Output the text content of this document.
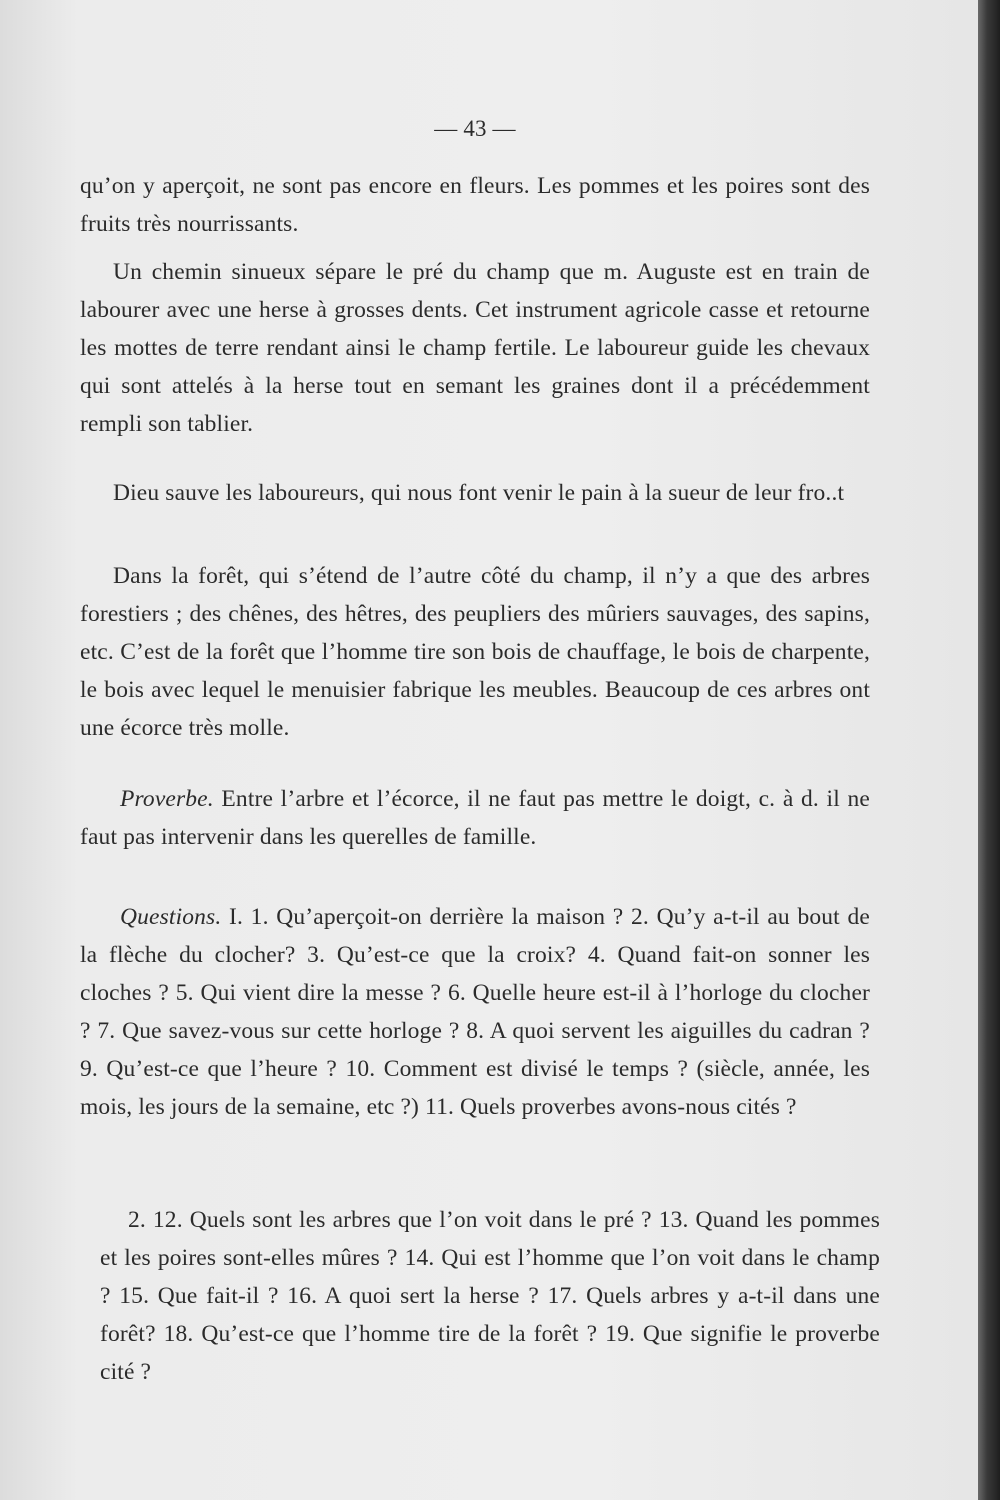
— 43 —

qu’on y aperçoit, ne sont pas encore en fleurs. Les pommes et les poires sont des fruits très nourrissants.

Un chemin sinueux sépare le pré du champ que m. Auguste est en train de labourer avec une herse à grosses dents. Cet instrument agricole casse et retourne les mottes de terre rendant ainsi le champ fertile. Le laboureur guide les chevaux qui sont attelés à la herse tout en semant les graines dont il a précédemment rempli son tablier.

Dieu sauve les laboureurs, qui nous font venir le pain à la sueur de leur fro..t

Dans la forêt, qui s’étend de l’autre côté du champ, il n’y a que des arbres forestiers ; des chênes, des hêtres, des peupliers des mûriers sauvages, des sapins, etc. C’est de la forêt que l’homme tire son bois de chauffage, le bois de charpente, le bois avec lequel le menuisier fabrique les meubles. Beaucoup de ces arbres ont une écorce très molle.

Proverbe. Entre l’arbre et l’écorce, il ne faut pas mettre le doigt, c. à d. il ne faut pas intervenir dans les querelles de famille.

Questions. I. 1. Qu’aperçoit-on derrière la maison ? 2. Qu’y a-t-il au bout de la flèche du clocher? 3. Qu’est-ce que la croix? 4. Quand fait-on sonner les cloches ? 5. Qui vient dire la messe ? 6. Quelle heure est-il à l’horloge du clocher ? 7. Que savez-vous sur cette horloge ? 8. A quoi servent les aiguilles du cadran ? 9. Qu’est-ce que l’heure ? 10. Comment est divisé le temps ? (siècle, année, les mois, les jours de la semaine, etc ?) 11. Quels proverbes avons-nous cités ?

2. 12. Quels sont les arbres que l’on voit dans le pré ? 13. Quand les pommes et les poires sont-elles mûres ? 14. Qui est l’homme que l’on voit dans le champ ? 15. Que fait-il ? 16. A quoi sert la herse ? 17. Quels arbres y a-t-il dans une forêt? 18. Qu’est-ce que l’homme tire de la forêt ? 19. Que signifie le proverbe cité ?
